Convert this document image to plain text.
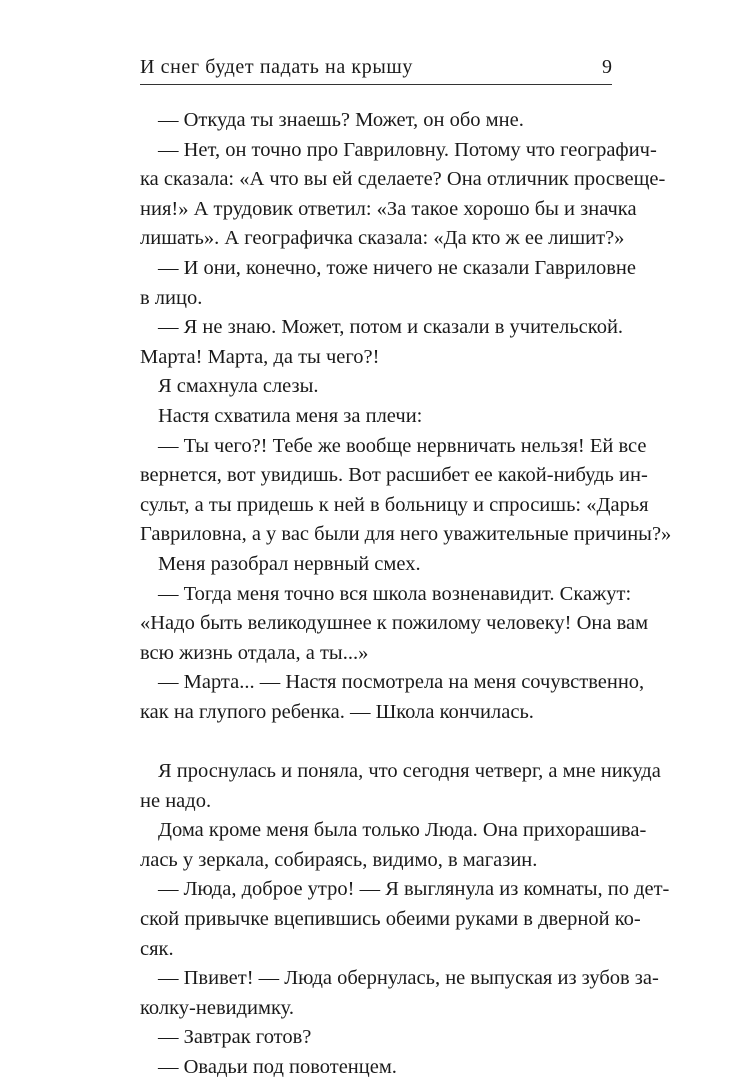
И снег будет падать на крышу	9
— Откуда ты знаешь? Может, он обо мне.
— Нет, он точно про Гавриловну. Потому что географич-
ка сказала: «А что вы ей сделаете? Она отличник просвеще-
ния!» А трудовик ответил: «За такое хорошо бы и значка
лишать». А географичка сказала: «Да кто ж ее лишит?»
— И они, конечно, тоже ничего не сказали Гавриловне
в лицо.
— Я не знаю. Может, потом и сказали в учительской.
Марта! Марта, да ты чего?!
Я смахнула слезы.
Настя схватила меня за плечи:
— Ты чего?! Тебе же вообще нервничать нельзя! Ей все
вернется, вот увидишь. Вот расшибет ее какой-нибудь ин-
сульт, а ты придешь к ней в больницу и спросишь: «Дарья
Гавриловна, а у вас были для него уважительные причины?»
Меня разобрал нервный смех.
— Тогда меня точно вся школа возненавидит. Скажут:
«Надо быть великодушнее к пожилому человеку! Она вам
всю жизнь отдала, а ты...»
— Марта... — Настя посмотрела на меня сочувственно,
как на глупого ребенка. — Школа кончилась.
Я проснулась и поняла, что сегодня четверг, а мне никуда
не надо.
Дома кроме меня была только Люда. Она прихорашива-
лась у зеркала, собираясь, видимо, в магазин.
— Люда, доброе утро! — Я выглянула из комнаты, по дет-
ской привычке вцепившись обеими руками в дверной ко-
сяк.
— Пвивет! — Люда обернулась, не выпуская из зубов за-
колку-невидимку.
— Завтрак готов?
— Овадьи под повотенцем.
